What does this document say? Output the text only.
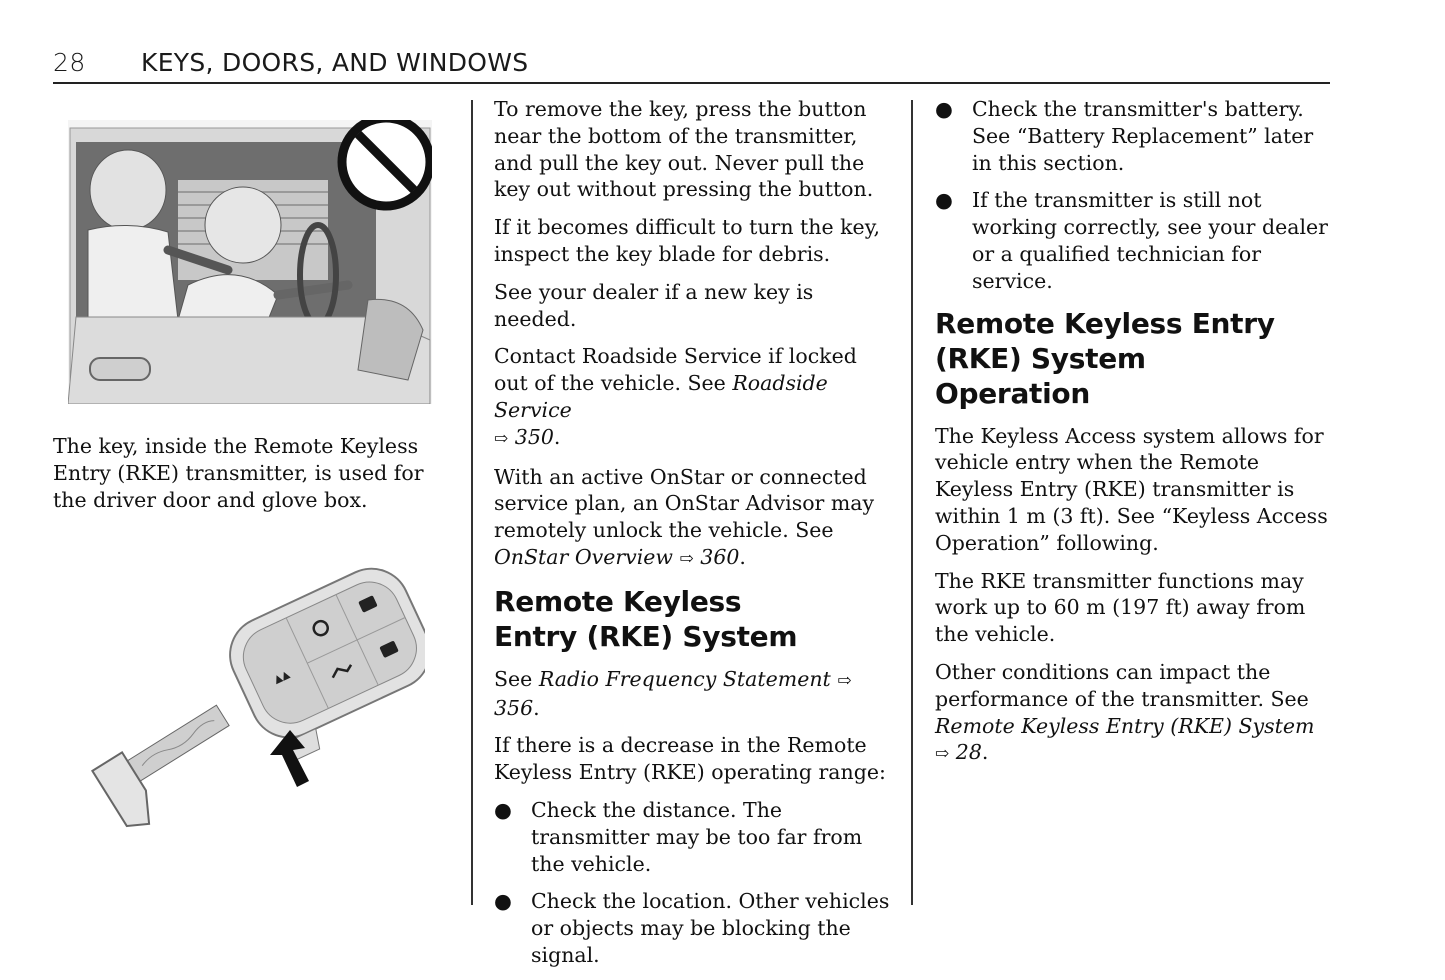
28 KEYS, DOORS, AND WINDOWS

The key, inside the Remote Keyless Entry (RKE) transmitter, is used for the driver door and glove box.

To remove the key, press the button near the bottom of the transmitter, and pull the key out. Never pull the key out without pressing the button.

If it becomes difficult to turn the key, inspect the key blade for debris.

See your dealer if a new key is needed.

Contact Roadside Service if locked out of the vehicle. See Roadside Service
⇨ 350.

With an active OnStar or connected service plan, an OnStar Advisor may remotely unlock the vehicle. See OnStar Overview ⇨ 360.

Remote Keyless Entry (RKE) System

See Radio Frequency Statement ⇨ 356.

If there is a decrease in the Remote Keyless Entry (RKE) operating range:

● Check the distance. The transmitter may be too far from the vehicle.
● Check the location. Other vehicles or objects may be blocking the signal.
● Check the transmitter's battery. See “Battery Replacement” later in this section.
● If the transmitter is still not working correctly, see your dealer or a qualified technician for service.
Remote Keyless Entry (RKE) System Operation

The Keyless Access system allows for vehicle entry when the Remote Keyless Entry (RKE) transmitter is within 1 m (3 ft). See “Keyless Access Operation” following.

The RKE transmitter functions may work up to 60 m (197 ft) away from the vehicle.

Other conditions can impact the performance of the transmitter. See Remote Keyless Entry (RKE) System
⇨ 28.
